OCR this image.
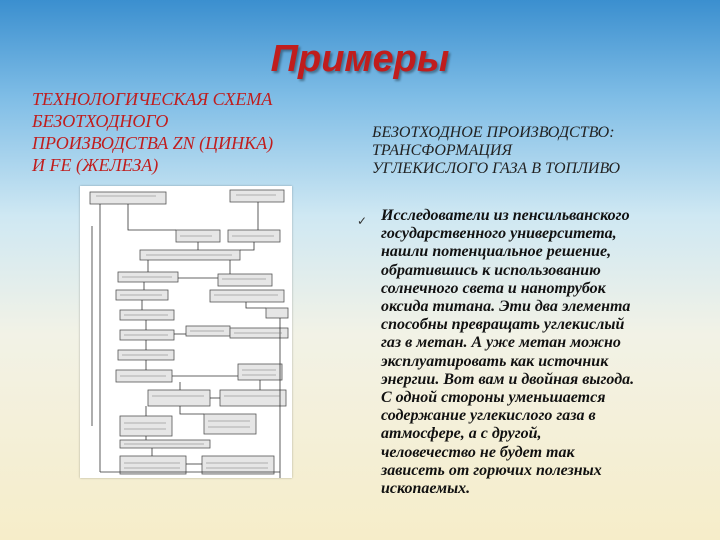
Примеры
ТЕХНОЛОГИЧЕСКАЯ СХЕМА
БЕЗОТХОДНОГО
ПРОИЗВОДСТВА ZN (ЦИНКА)
И FE (ЖЕЛЕЗА)
БЕЗОТХОДНОЕ ПРОИЗВОДСТВО:
ТРАНСФОРМАЦИЯ
УГЛЕКИСЛОГО ГАЗА В ТОПЛИВО
✓ Исследователи из пенсильванского
государственного университета,
нашли потенциальное решение,
обратившись к использованию
солнечного света и нанотрубок
оксида титана. Эти два элемента
способны превращать углекислый
газ в метан. А уже метан можно
эксплуатировать как источник
энергии. Вот вам и двойная выгода.
С одной стороны уменьшается
содержание углекислого газа в
атмосфере, а с другой,
человечество не будет так
зависеть от горючих полезных
ископаемых.
